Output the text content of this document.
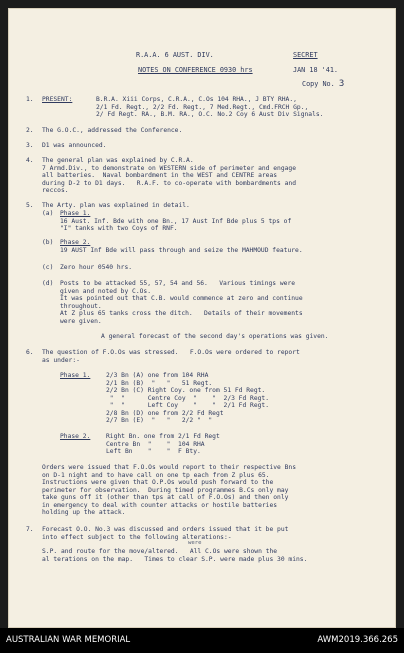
R.A.A. 6 AUST. DIV.	SECRET
NOTES ON CONFERENCE 0930 hrs	JAN 18 '41.
Copy No. 3
1. PRESENT:	B.R.A. Xiii Corps, C.R.A., C.Os 104 RHA., J BTY RHA.,
2/1 Fd. Regt., 2/2 Fd. Regt., 7 Med.Regt., Cmd.FRCH Gp.,
2/ Fd Regt. RA., B.M. RA., O.C. No.2 Coy 6 Aust Div Signals.
2. The G.O.C., addressed the Conference.
3. D1 was announced.
4. The general plan was explained by C.R.A.
7 Armd.Div., to demonstrate on WESTERN side of perimeter and engage
all batteries.  Naval bombardment in the WEST and CENTRE areas
during D-2 to D1 days.   R.A.F. to co-operate with bombardments and
reccos.
5. The Arty. plan was explained in detail.
(a) Phase 1.
16 Aust. Inf. Bde with one Bn., 17 Aust Inf Bde plus 5 tps of
"I" tanks with two Coys of RNF.
(b) Phase 2.
19 AUST Inf Bde will pass through and seize the MAHMOUD feature.
(c) Zero hour 0540 hrs.
(d) Posts to be attacked 55, 57, 54 and 56.   Various timings were
given and noted by C.Os.
It was pointed out that C.B. would commence at zero and continue
throughout.
At Z plus 65 tanks cross the ditch.   Details of their movements
were given.
A general forecast of the second day's operations was given.
6. The question of F.O.Os was stressed.   F.O.Os were ordered to report
as under:-
Phase 1. 2/3 Bn (A) one from 104 RHA
2/1 Bn (B)  "   "   51 Regt.
2/2 Bn (C) Right Coy. one from 51 Fd Regt.
"  "      Centre Coy  "    "  2/3 Fd Regt.
"  "      Left Coy    "    "  2/1 Fd Regt.
2/8 Bn (D) one from 2/2 Fd Regt
2/7 Bn (E)  "   "   2/2 "  "
Phase 2. Right Bn. one from 2/1 Fd Regt
Centre Bn  "    "  104 RHA
Left Bn    "    "  F Bty.
Orders were issued that F.O.Os would report to their respective Bns
on D-1 night and to have call on one tp each from Z plus 65.
Instructions were given that O.P.Os would push forward to the
perimeter for observation.  During timed programmes B.Cs only may
take guns off it (other than tps at call of F.O.Os) and then only
in emergency to deal with counter attacks or hostile batteries
holding up the attack.
7. Forecast O.O. No.3 was discussed and orders issued that it be put
into effect subject to the following alterations:-
were
S.P. and route for the move/altered.   All C.Os were shown the
al terations on the map.   Times to clear S.P. were made plus 30 mins.
AUSTRALIAN WAR MEMORIAL	AWM2019.366.265
